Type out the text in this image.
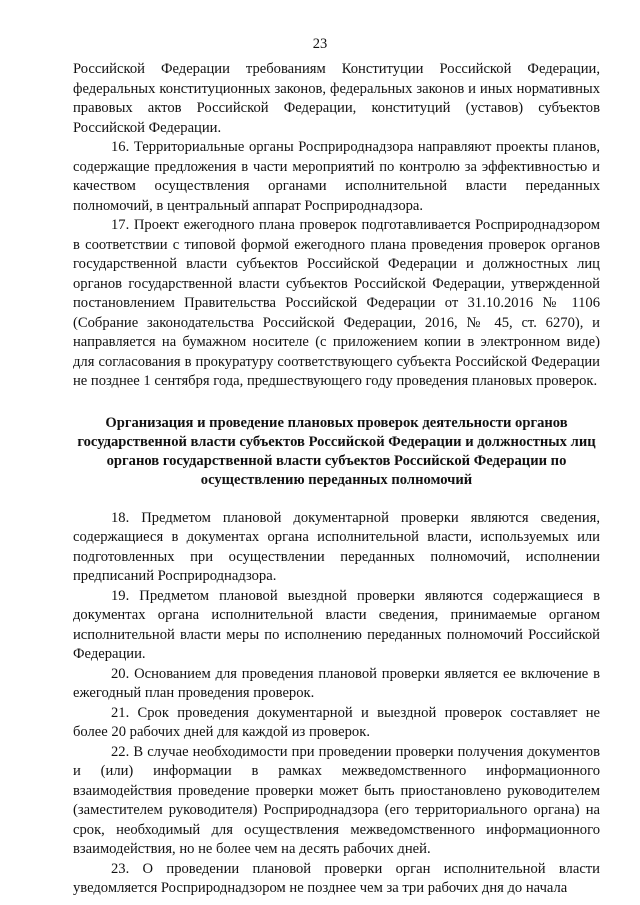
23

Российской Федерации требованиям Конституции Российской Федерации, федеральных конституционных законов, федеральных законов и иных нормативных правовых актов Российской Федерации, конституций (уставов) субъектов Российской Федерации.

16. Территориальные органы Росприроднадзора направляют проекты планов, содержащие предложения в части мероприятий по контролю за эффективностью и качеством осуществления органами исполнительной власти переданных полномочий, в центральный аппарат Росприроднадзора.

17. Проект ежегодного плана проверок подготавливается Росприроднадзором в соответствии с типовой формой ежегодного плана проведения проверок органов государственной власти субъектов Российской Федерации и должностных лиц органов государственной власти субъектов Российской Федерации, утвержденной постановлением Правительства Российской Федерации от 31.10.2016 № 1106 (Собрание законодательства Российской Федерации, 2016, № 45, ст. 6270), и направляется на бумажном носителе (с приложением копии в электронном виде) для согласования в прокуратуру соответствующего субъекта Российской Федерации не позднее 1 сентября года, предшествующего году проведения плановых проверок.

Организация и проведение плановых проверок деятельности органов государственной власти субъектов Российской Федерации и должностных лиц органов государственной власти субъектов Российской Федерации по осуществлению переданных полномочий

18. Предметом плановой документарной проверки являются сведения, содержащиеся в документах органа исполнительной власти, используемых или подготовленных при осуществлении переданных полномочий, исполнении предписаний Росприроднадзора.

19. Предметом плановой выездной проверки являются содержащиеся в документах органа исполнительной власти сведения, принимаемые органом исполнительной власти меры по исполнению переданных полномочий Российской Федерации.

20. Основанием для проведения плановой проверки является ее включение в ежегодный план проведения проверок.

21. Срок проведения документарной и выездной проверок составляет не более 20 рабочих дней для каждой из проверок.

22. В случае необходимости при проведении проверки получения документов и (или) информации в рамках межведомственного информационного взаимодействия проведение проверки может быть приостановлено руководителем (заместителем руководителя) Росприроднадзора (его территориального органа) на срок, необходимый для осуществления межведомственного информационного взаимодействия, но не более чем на десять рабочих дней.

23. О проведении плановой проверки орган исполнительной власти уведомляется Росприроднадзором не позднее чем за три рабочих дня до начала
